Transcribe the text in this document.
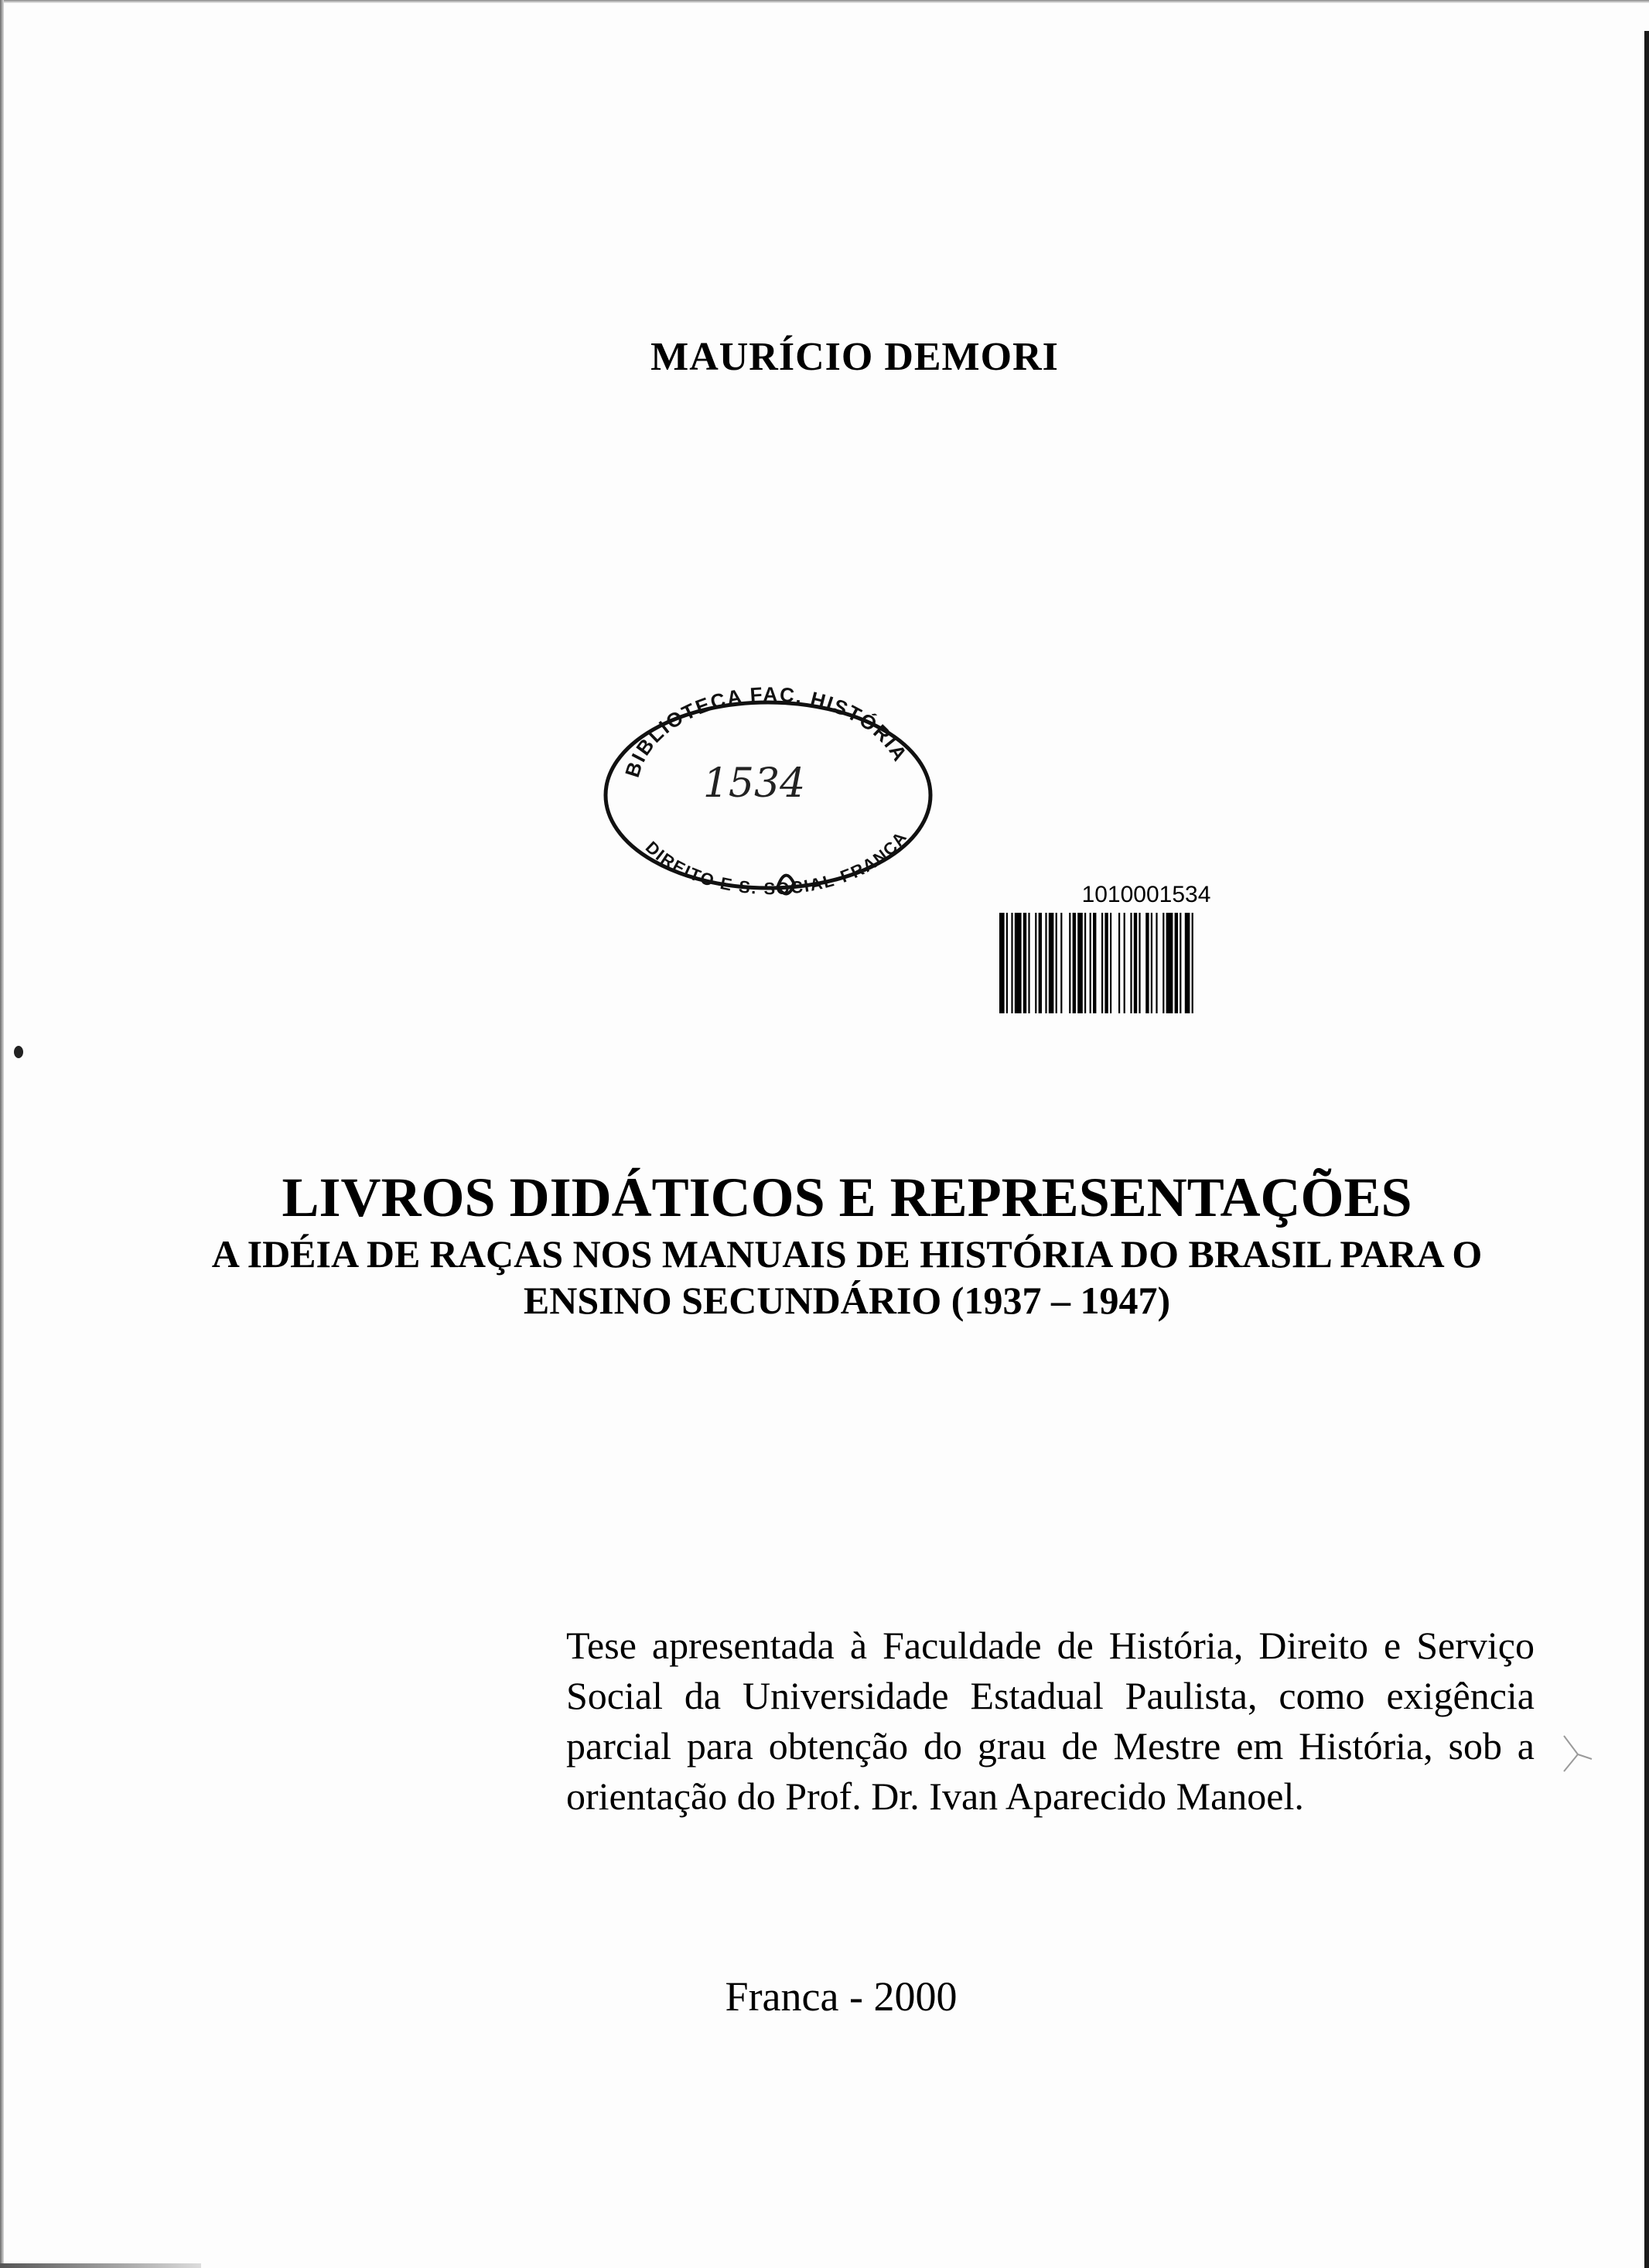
MAURÍCIO DEMORI
BIBLIOTECA FAC. HISTÓRIA
DIREITO E S. SOCIAL-FRANCA
1534
1010001534

LIVROS DIDÁTICOS E REPRESENTAÇÕES

A IDÉIA DE RAÇAS NOS MANUAIS DE HISTÓRIA DO BRASIL PARA O

ENSINO SECUNDÁRIO (1937 – 1947)

Tese apresentada à Faculdade de História, Direito e Serviço Social da Universidade Estadual Paulista, como exigência parcial para obtenção do grau de Mestre em História, sob a orientação do Prof. Dr. Ivan Aparecido Manoel.
Franca - 2000
